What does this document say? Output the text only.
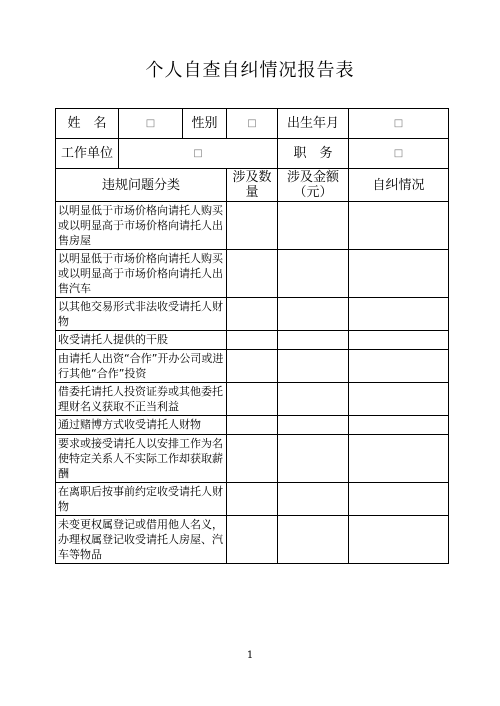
个人自查自纠情况报告表
姓　名	□	性别	□	出生年月	□
工作单位	□			职　务	□
违规问题分类			涉及数量	涉及金额（元）	自纠情况
以明显低于市场价格向请托人购买或以明显高于市场价格向请托人出售房屋					
以明显低于市场价格向请托人购买或以明显高于市场价格向请托人出售汽车					
以其他交易形式非法收受请托人财物					
收受请托人提供的干股					
由请托人出资“合作”开办公司或进行其他“合作”投资					
借委托请托人投资证券或其他委托理财名义获取不正当利益					
通过赌博方式收受请托人财物					
要求或接受请托人以安排工作为名使特定关系人不实际工作却获取薪酬					
在离职后按事前约定收受请托人财物					
未变更权属登记或借用他人名义，办理权属登记收受请托人房屋、汽车等物品					
1
